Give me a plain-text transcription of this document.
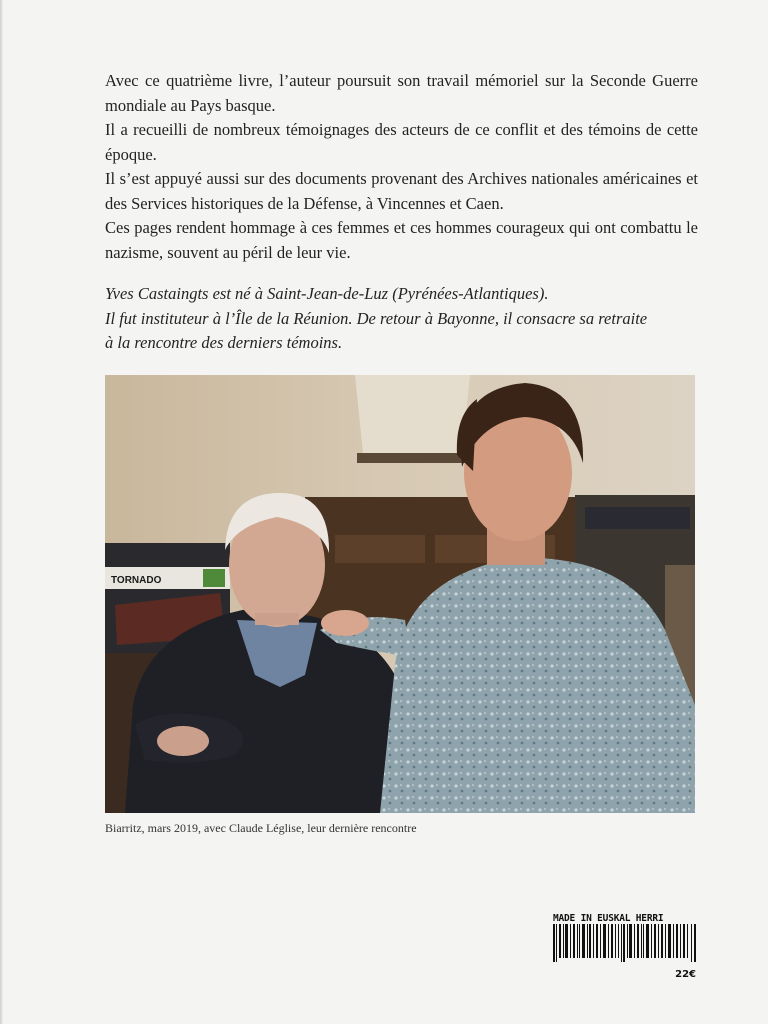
Avec ce quatrième livre, l’auteur poursuit son travail mémoriel sur la Seconde Guerre mondiale au Pays basque.

Il a recueilli de nombreux témoignages des acteurs de ce conflit et des témoins de cette époque.

Il s’est appuyé aussi sur des documents provenant des Archives nationales américaines et des Services historiques de la Défense, à Vincennes et Caen.

Ces pages rendent hommage à ces femmes et ces hommes courageux qui ont combattu le nazisme, souvent au péril de leur vie.

Yves Castaingts est né à Saint-Jean-de-Luz (Pyrénées-Atlantiques).

Il fut instituteur à l’Île de la Réunion. De retour à Bayonne, il consacre sa retraite

à la rencontre des derniers témoins.

TORNADO
Biarritz, mars 2019, avec Claude Léglise, leur dernière rencontre
MADE IN EUSKAL HERRI
22€
